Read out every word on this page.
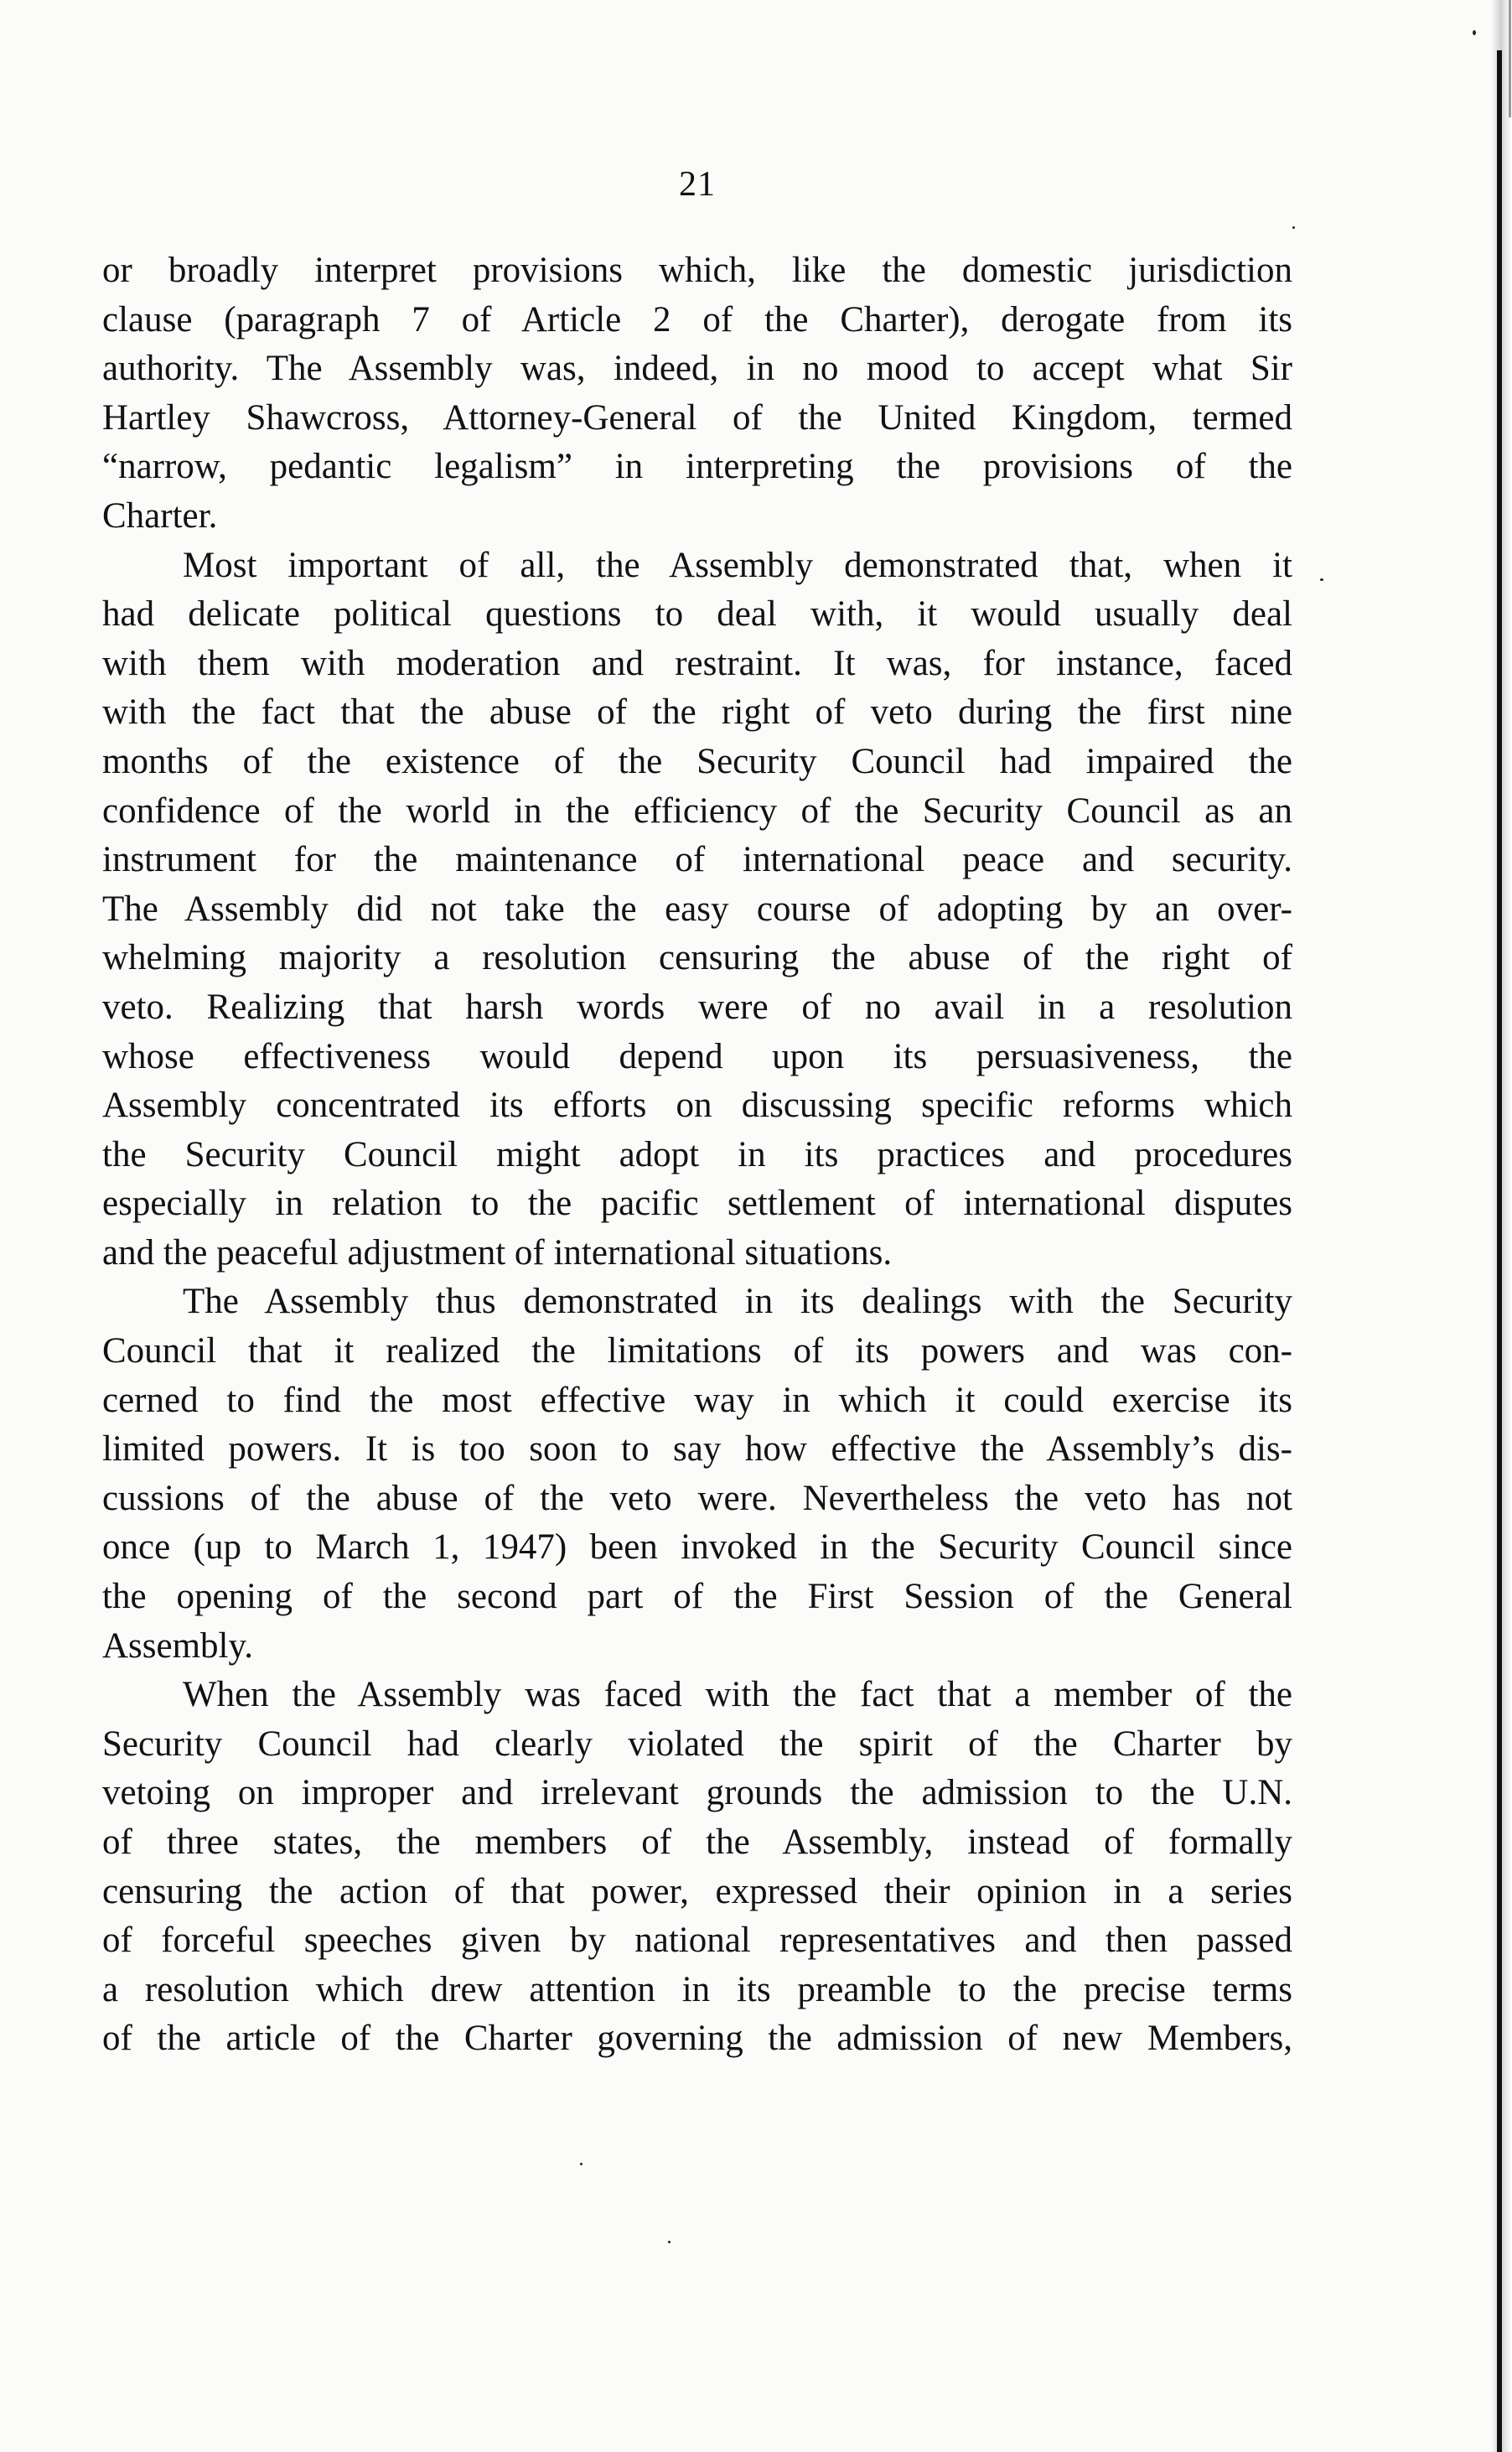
21

or broadly interpret provisions which, like the domestic jurisdiction
clause (paragraph 7 of Article 2 of the Charter), derogate from its
authority. The Assembly was, indeed, in no mood to accept what Sir
Hartley Shawcross, Attorney-General of the United Kingdom, termed
“narrow, pedantic legalism” in interpreting the provisions of the
Charter.

Most important of all, the Assembly demonstrated that, when it
had delicate political questions to deal with, it would usually deal
with them with moderation and restraint. It was, for instance, faced
with the fact that the abuse of the right of veto during the first nine
months of the existence of the Security Council had impaired the
confidence of the world in the efficiency of the Security Council as an
instrument for the maintenance of international peace and security.
The Assembly did not take the easy course of adopting by an over-
whelming majority a resolution censuring the abuse of the right of
veto. Realizing that harsh words were of no avail in a resolution
whose effectiveness would depend upon its persuasiveness, the
Assembly concentrated its efforts on discussing specific reforms which
the Security Council might adopt in its practices and procedures
especially in relation to the pacific settlement of international disputes
and the peaceful adjustment of international situations.

The Assembly thus demonstrated in its dealings with the Security
Council that it realized the limitations of its powers and was con-
cerned to find the most effective way in which it could exercise its
limited powers. It is too soon to say how effective the Assembly’s dis-
cussions of the abuse of the veto were. Nevertheless the veto has not
once (up to March 1, 1947) been invoked in the Security Council since
the opening of the second part of the First Session of the General
Assembly.

When the Assembly was faced with the fact that a member of the
Security Council had clearly violated the spirit of the Charter by
vetoing on improper and irrelevant grounds the admission to the U.N.
of three states, the members of the Assembly, instead of formally
censuring the action of that power, expressed their opinion in a series
of forceful speeches given by national representatives and then passed
a resolution which drew attention in its preamble to the precise terms
of the article of the Charter governing the admission of new Members,
